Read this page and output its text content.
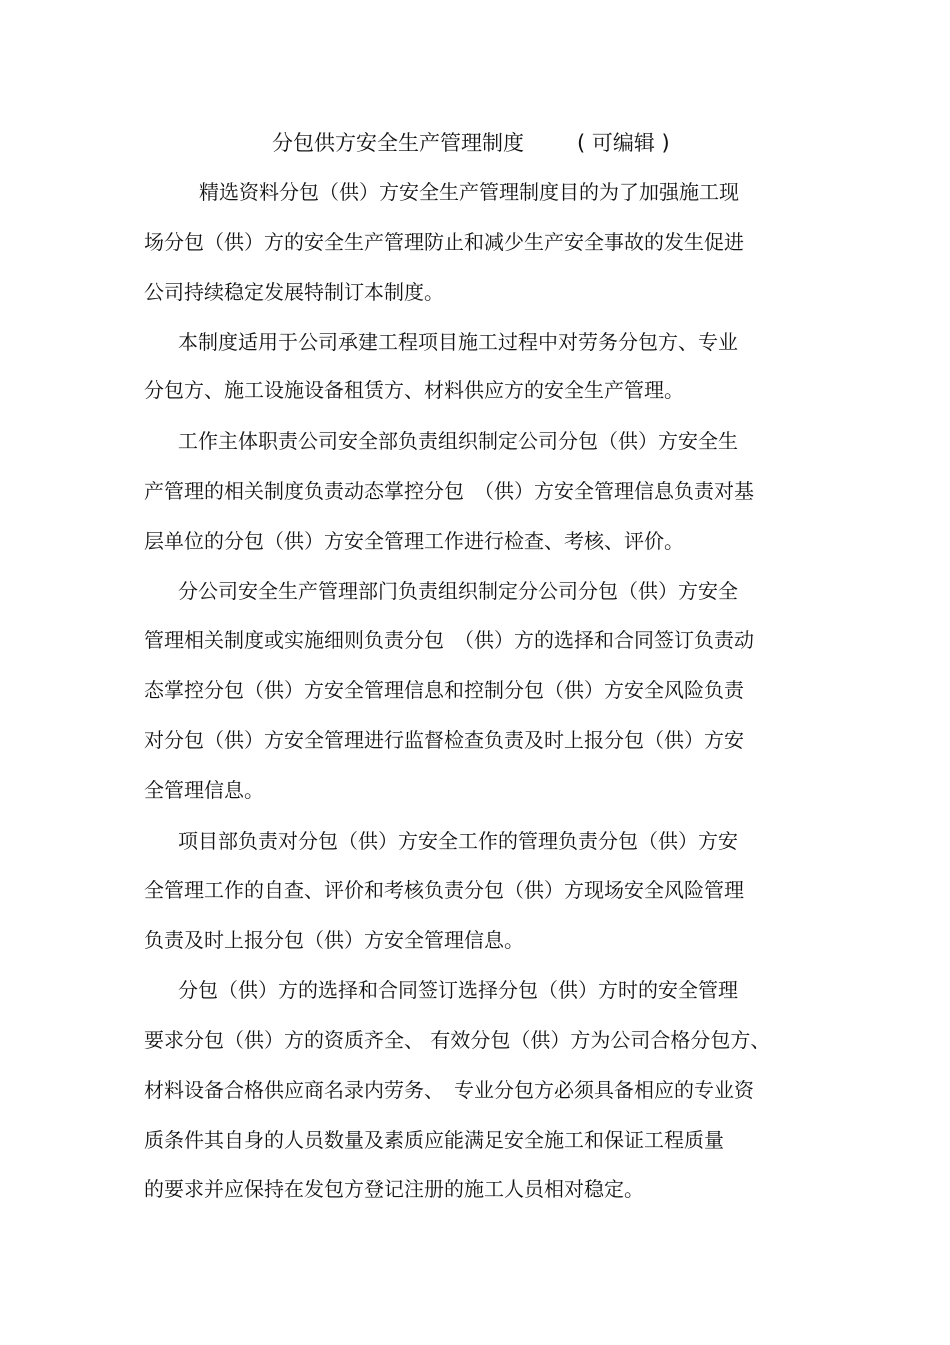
分包供方安全生产管理制度	( 可编辑 )
精选资料分包（供）方安全生产管理制度目的为了加强施工现
场分包（供）方的安全生产管理防止和减少生产安全事故的发生促进
公司持续稳定发展特制订本制度。
本制度适用于公司承建工程项目施工过程中对劳务分包方、专业
分包方、施工设施设备租赁方、材料供应方的安全生产管理。
工作主体职责公司安全部负责组织制定公司分包（供）方安全生
产管理的相关制度负责动态掌控分包　（供）方安全管理信息负责对基
层单位的分包（供）方安全管理工作进行检查、考核、评价。
分公司安全生产管理部门负责组织制定分公司分包（供）方安全
管理相关制度或实施细则负责分包　（供）方的选择和合同签订负责动
态掌控分包（供）方安全管理信息和控制分包（供）方安全风险负责
对分包（供）方安全管理进行监督检查负责及时上报分包（供）方安
全管理信息。
项目部负责对分包（供）方安全工作的管理负责分包（供）方安
全管理工作的自查、评价和考核负责分包（供）方现场安全风险管理
负责及时上报分包（供）方安全管理信息。
分包（供）方的选择和合同签订选择分包（供）方时的安全管理
要求分包（供）方的资质齐全、 有效分包（供）方为公司合格分包方、
材料设备合格供应商名录内劳务、　专业分包方必须具备相应的专业资
质条件其自身的人员数量及素质应能满足安全施工和保证工程质量
的要求并应保持在发包方登记注册的施工人员相对稳定。
